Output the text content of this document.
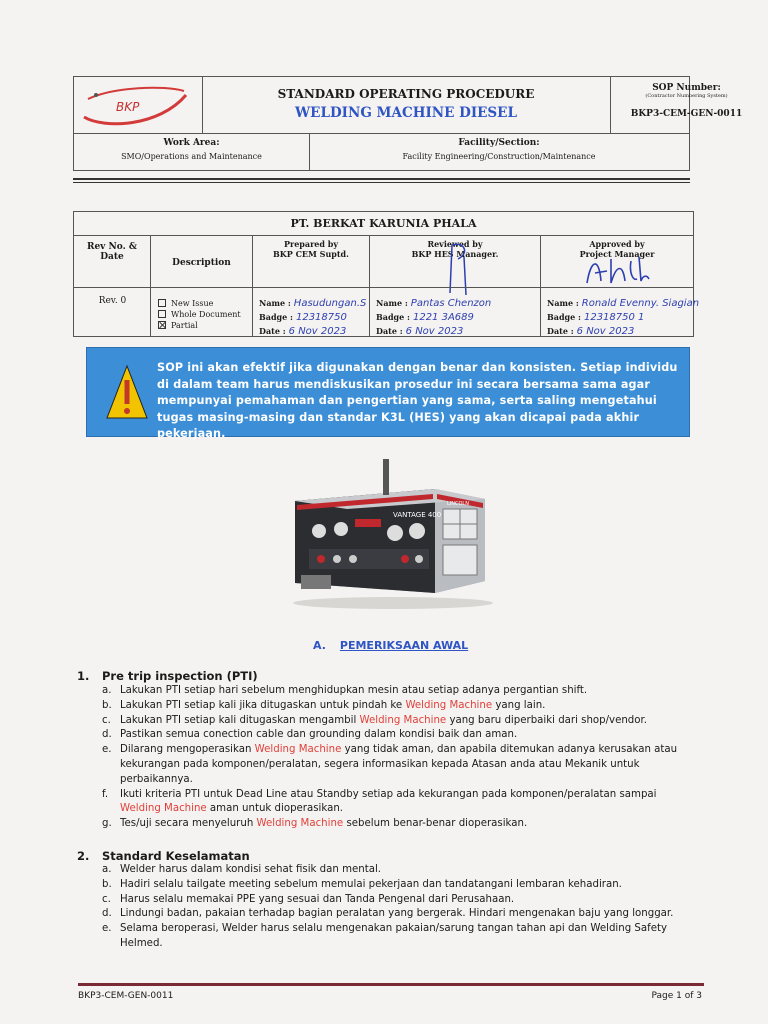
BKP
STANDARD OPERATING PROCEDURE
WELDING MACHINE DIESEL
SOP Number:
(Contractor Numbering System)
BKP3-CEM-GEN-0011
Work Area:
SMO/Operations and Maintenance
Facility/Section:
Facility Engineering/Construction/Maintenance
PT. BERKAT KARUNIA PHALA
Rev No. & Date
Rev. 0
Description
New Issue
Whole Document
Partial
Prepared by
BKP CEM Suptd.
Name : Hasudungan.S
Badge : 12318750
Date : 6 Nov 2023
Reviewed by
BKP HES Manager.
Name : Pantas Chenzon
Badge : 1221 3A689
Date : 6 Nov 2023
Approved by
Project Manager
Name : Ronald Evenny. Siagian
Badge : 12318750 1
Date : 6 Nov 2023
SOP ini akan efektif jika digunakan dengan benar dan konsisten. Setiap individu di dalam team harus mendiskusikan prosedur ini secara bersama sama agar mempunyai pemahaman dan pengertian yang sama, serta saling mengetahui tugas masing-masing dan standar K3L (HES) yang akan dicapai pada akhir pekerjaan.
VANTAGE 400
LINCOLN
A. PEMERIKSAAN AWAL
1. Pre trip inspection (PTI)
a. Lakukan PTI setiap hari sebelum menghidupkan mesin atau setiap adanya pergantian shift.
b. Lakukan PTI setiap kali jika ditugaskan untuk pindah ke Welding Machine yang lain.
c. Lakukan PTI setiap kali ditugaskan mengambil Welding Machine yang baru diperbaiki dari shop/vendor.
d. Pastikan semua conection cable dan grounding dalam kondisi baik dan aman.
e. Dilarang mengoperasikan Welding Machine yang tidak aman, dan apabila ditemukan adanya kerusakan atau kekurangan pada komponen/peralatan, segera informasikan kepada Atasan anda atau Mekanik untuk perbaikannya.
f. Ikuti kriteria PTI untuk Dead Line atau Standby setiap ada kekurangan pada komponen/peralatan sampai Welding Machine aman untuk dioperasikan.
g. Tes/uji secara menyeluruh Welding Machine sebelum benar-benar dioperasikan.
2. Standard Keselamatan
a. Welder harus dalam kondisi sehat fisik dan mental.
b. Hadiri selalu tailgate meeting sebelum memulai pekerjaan dan tandatangani lembaran kehadiran.
c. Harus selalu memakai PPE yang sesuai dan Tanda Pengenal dari Perusahaan.
d. Lindungi badan, pakaian terhadap bagian peralatan yang bergerak. Hindari mengenakan baju yang longgar.
e. Selama beroperasi, Welder harus selalu mengenakan pakaian/sarung tangan tahan api dan Welding Safety Helmed.
BKP3-CEM-GEN-0011	Page 1 of 3
